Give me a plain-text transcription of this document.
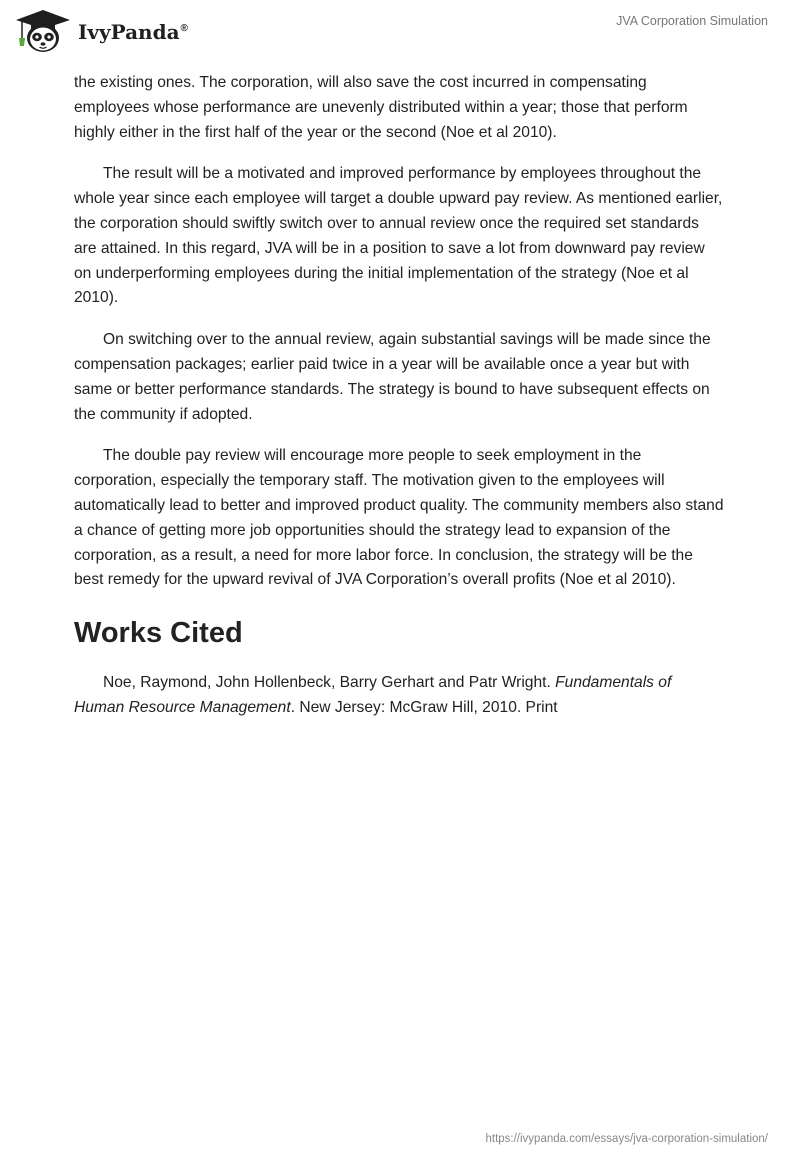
IvyPanda®
JVA Corporation Simulation

the existing ones. The corporation, will also save the cost incurred in compensating employees whose performance are unevenly distributed within a year; those that perform highly either in the first half of the year or the second (Noe et al 2010).

The result will be a motivated and improved performance by employees throughout the whole year since each employee will target a double upward pay review. As mentioned earlier, the corporation should swiftly switch over to annual review once the required set standards are attained. In this regard, JVA will be in a position to save a lot from downward pay review on underperforming employees during the initial implementation of the strategy (Noe et al 2010).

On switching over to the annual review, again substantial savings will be made since the compensation packages; earlier paid twice in a year will be available once a year but with same or better performance standards. The strategy is bound to have subsequent effects on the community if adopted.

The double pay review will encourage more people to seek employment in the corporation, especially the temporary staff. The motivation given to the employees will automatically lead to better and improved product quality. The community members also stand a chance of getting more job opportunities should the strategy lead to expansion of the corporation, as a result, a need for more labor force. In conclusion, the strategy will be the best remedy for the upward revival of JVA Corporation’s overall profits (Noe et al 2010).

Works Cited

Noe, Raymond, John Hollenbeck, Barry Gerhart and Patr Wright. Fundamentals of Human Resource Management. New Jersey: McGraw Hill, 2010. Print

https://ivypanda.com/essays/jva-corporation-simulation/
